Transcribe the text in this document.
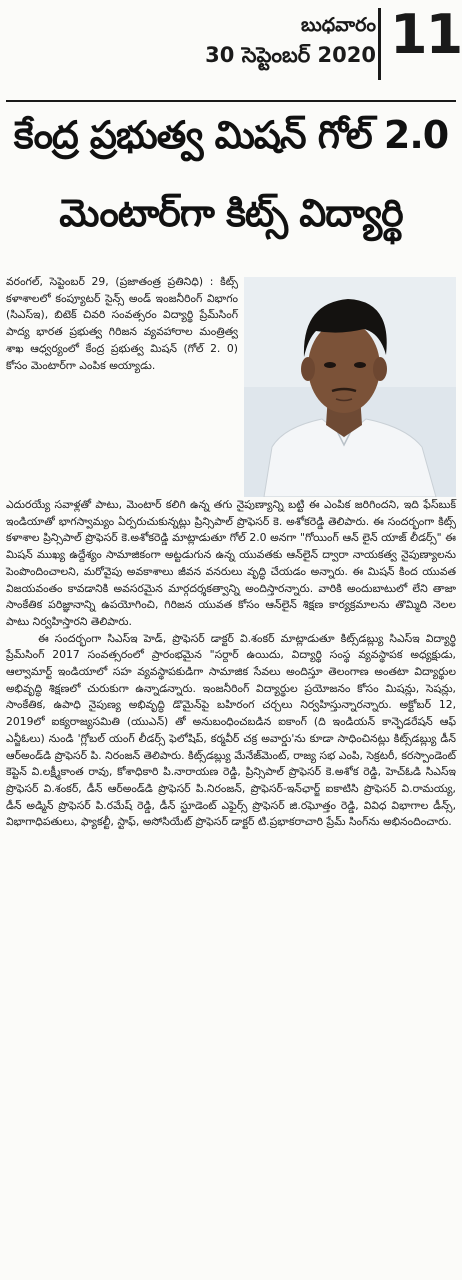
బుధవారం
30 సెప్టెంబర్ 2020 11
కేంద్ర ప్రభుత్వ మిషన్ గోల్ 2.0
మెంటార్‌గా కిట్స్ విద్యార్థి

వరంగల్, సెప్టెంబర్ 29, (ప్రజాతంత్ర ప్రతినిధి) : కిట్స్ కళాశాలలో కంప్యూటర్ సైన్స్ అండ్ ఇంజనీరింగ్ విభాగం (సిఎస్ఇ), బిటెక్ చివరి సంవత్సరం విద్యార్థి ప్రేమ్‌సింగ్ పాద్య భారత ప్రభుత్వ గిరిజన వ్యవహారాల మంత్రిత్వ శాఖ ఆధ్వర్యంలో కేంద్ర ప్రభుత్వ మిషన్ (గోల్ 2. 0) కోసం మెంటార్‌గా ఎంపిక అయ్యాడు.

ఎదురయ్యే సవాళ్లతో పాటు, మెంటార్ కలిగి ఉన్న తగు నైపుణ్యాన్ని బట్టి ఈ ఎంపిక జరిగిందని, ఇది ఫేస్‌బుక్ ఇండియాతో భాగస్వామ్యం ఏర్పరుచుకున్నట్లు ప్రిన్సిపాల్ ప్రొఫెసర్ కె. అశోకరెడ్డి తెలిపారు. ఈ సందర్భంగా కిట్స్ కళాశాల ప్రిన్సిపాల్ ప్రొఫెసర్ కె.అశోకరెడ్డి మాట్లాడుతూ గోల్ 2.0 అనగా "గోయింగ్ ఆన్ లైన్ యాజ్ లీడర్స్" ఈ మిషన్ ముఖ్య ఉద్దేశ్యం సామాజికంగా అట్టడుగున ఉన్న యువతకు ఆన్‌లైన్ ద్వారా నాయకత్వ నైపుణ్యాలను పెంపొందించాలని, మరోవైపు అవకాశాలు జీవన వనరులు వృద్ధి చేయడం అన్నారు. ఈ మిషన్ కింద యువత విజయవంతం కావడానికి అవసరమైన మార్గదర్శకత్వాన్ని అందిస్తారన్నారు. వారికి అందుబాటులో లేని తాజా సాంకేతిక పరిజ్ఞానాన్ని ఉపయోగించి, గిరిజన యువత కోసం ఆన్‌లైన్ శిక్షణ కార్యక్రమాలను తొమ్మిది నెలల పాటు నిర్వహిస్తారని తెలిపారు.

ఈ సందర్భంగా సిఎస్ఇ హెడ్, ప్రొఫెసర్ డాక్టర్ వి.శంకర్ మాట్లాడుతూ కిట్స్‌డబ్ల్యు సిఎస్ఇ విద్యార్థి ప్రేమ్‌సింగ్ 2017 సంవత్సరంలో ప్రారంభమైన "సర్దార్ ఉయిదు, విద్యార్థి సంస్థ వ్యవస్థాపక అధ్యక్షుడు, ఆల్వామార్ట్ ఇండియాలో సహ వ్యవస్థాపకుడిగా సామాజిక సేవలు అందిస్తూ తెలంగాణ అంతటా విద్యార్థుల అభివృద్ధి శిక్షణలో చురుకుగా ఉన్నాడన్నారు. ఇంజనీరింగ్ విద్యార్థుల ప్రయోజనం కోసం మిషన్లు, సెషన్లు, సాంకేతిక, ఉపాధి నైపుణ్య అభివృద్ధి డొమైన్‌పై బహిరంగ చర్చలు నిర్వహిస్తున్నారన్నారు. అక్టోబర్ 12, 2019లో ఐక్యరాజ్యసమితి (యుఎన్) తో అనుబంధించబడిన ఐకాంగ్ (ది ఇండియన్ కాన్ఫెడరేషన్ ఆఫ్ ఎన్జీఓలు) నుండి 'గ్లోబల్ యంగ్ లీడర్స్ ఫెలోషిప్, కర్మవీర్ చక్ర అవార్డు'ను కూడా సాధించినట్లు కిట్స్‌డబ్ల్యు డీన్ ఆర్అండ్‌డి ప్రొఫెసర్ పి. నిరంజన్ తెలిపారు. కిట్స్‌డబ్ల్యు మేనేజ్‌మెంట్, రాజ్య సభ ఎంపి, సెక్రటరీ, కరస్పాండెంట్ కెప్టెన్ వి.లక్ష్మీకాంత రావు, కోశాధికారి పి.నారాయణ రెడ్డి, ప్రిన్సిపాల్ ప్రొఫెసర్ కె.అశోక రెడ్డి, హెచ్ఓడి సిఎస్ఇ ప్రొఫెసర్ వి.శంకర్, డీన్ ఆర్అండ్‌డి ప్రొఫెసర్ పి.నిరంజన్, ప్రొఫెసర్-ఇన్‌ఛార్జ్ ఐకాటిసి ప్రొఫెసర్ వి.రామయ్య, డీన్ అడ్మిన్ ప్రొఫెసర్ పి.రమేష్ రెడ్డి, డీన్ స్టూడెంట్ ఎఫైర్స్ ప్రొఫెసర్ జి.రఘోత్తం రెడ్డి, వివిధ విభాగాల డీన్స్, విభాగాధిపతులు, ఫ్యాకల్టీ, స్టాఫ్, అసోసియేట్ ప్రొఫెసర్ డాక్టర్ టి.ప్రభాకరాచారి ప్రేమ్ సింగ్‌ను అభినందించారు.
